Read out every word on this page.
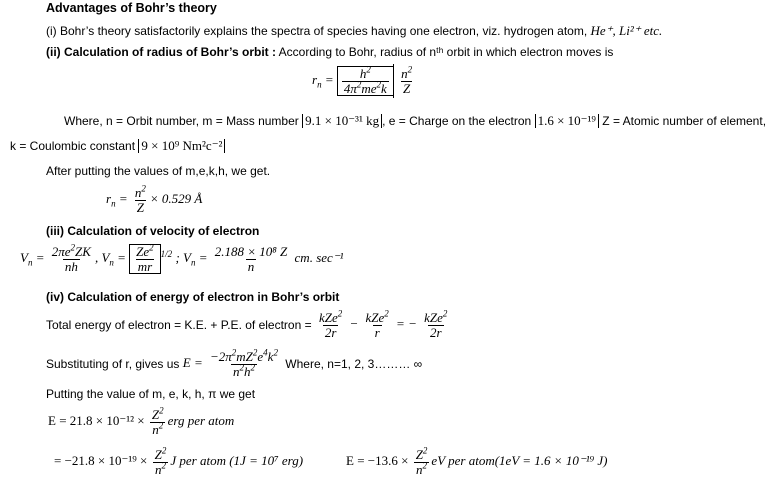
Advantages of Bohr’s theory
(i) Bohr’s theory satisfactorily explains the spectra of species having one electron, viz. hydrogen atom, He⁺, Li²⁺ etc.
(ii) Calculation of radius of Bohr’s orbit : According to Bohr, radius of nᵗʰ orbit in which electron moves is
$r_n = \frac{h^2}{4\pi^2me^2k}$
$\frac{n^2}{Z}$
Where, n = Orbit number, m = Mass number 9.1 × 10⁻³¹ kg , e = Charge on the electron 1.6 × 10⁻¹⁹ Z = Atomic number of element,
k = Coulombic constant 9 × 10⁹ Nm²c⁻²
After putting the values of m,e,k,h, we get.
$r_n = \frac{n^2}{Z} \times 0.529$ Å
(iii) Calculation of velocity of electron
$V_n = \frac{2\pi e^2ZK}{nh}$ , $V_n = \frac{Ze^2}{mr} ^{1/2}$ ; $V_n = \frac{\text{2.188 × 10⁸ Z}}{n}$ cm. sec⁻¹
(iv) Calculation of energy of electron in Bohr’s orbit
Total energy of electron = K.E. + P.E. of electron = $\frac{kZe^2}{2r} - \frac{kZe^2}{r}$ = − $\frac{kZe^2}{2r}$
Substituting of r, gives us $E = \frac{-2\pi^2mZ^2e^4k^2}{n^2h^2}$ Where, n=1, 2, 3……… ∞
Putting the value of m, e, k, h, π we get
$E = 21.8 \times 10^{-12} \times \frac{Z^2}{n^2}$ erg per atom
= $-21.8 \times 10^{-19} \times \frac{Z^2}{n^2}$ J per atom (1J = 10⁷ erg)	$E = -13.6 \times \frac{Z^2}{n^2}$ eV per atom(1eV = 1.6 × 10⁻¹⁹ J)
